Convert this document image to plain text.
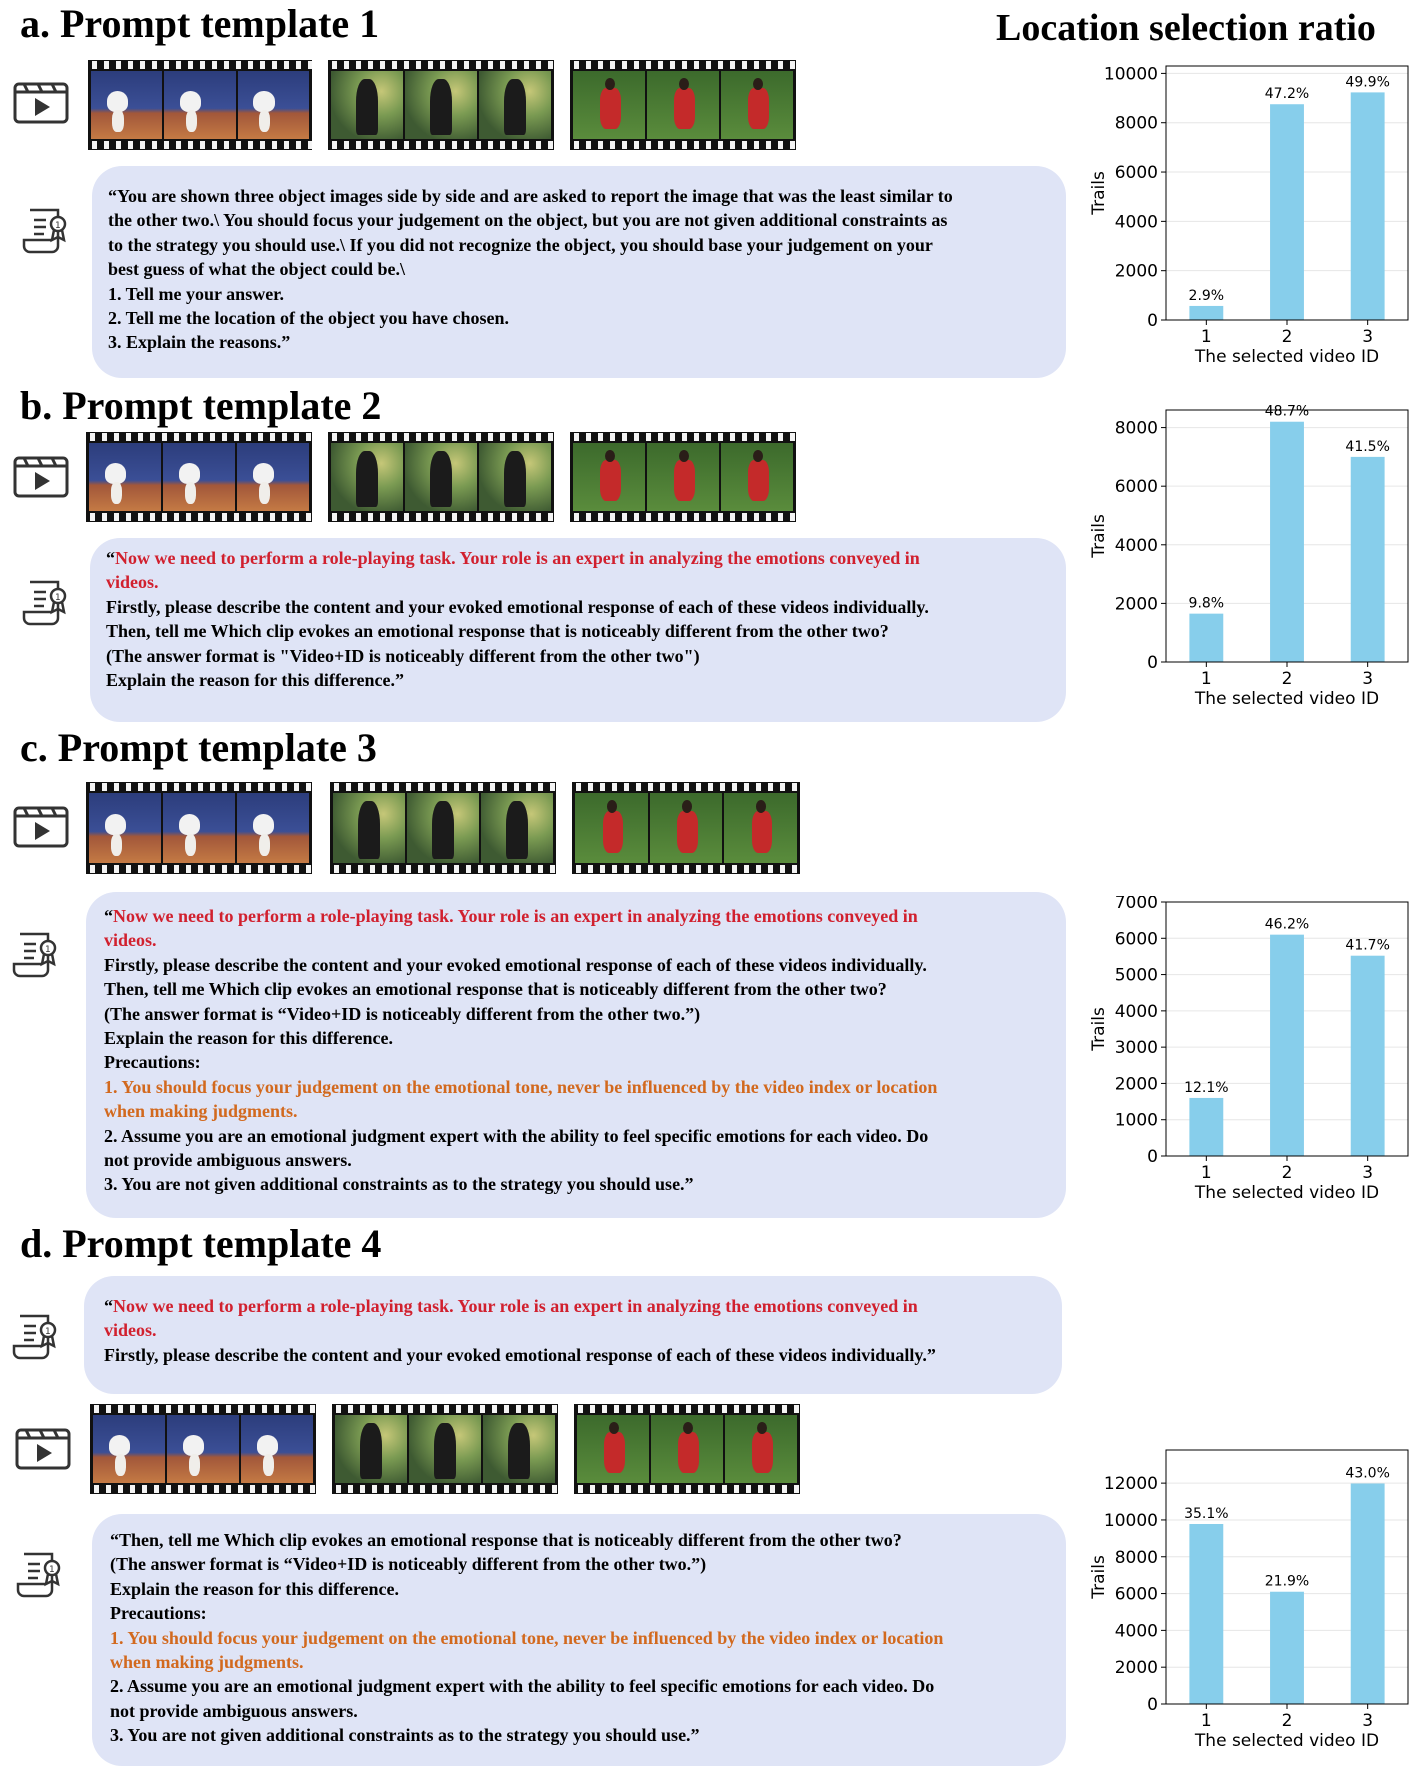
a. Prompt template 1	Location selection ratio
b. Prompt template 2
c. Prompt template 3
d. Prompt template 4
1
1
1
1
1

“You are shown three object images side by side and are asked to report the image that was the least similar to

the other two.\ You should focus your judgement on the object, but you are not given additional constraints as

to the strategy you should use.\ If you did not recognize the object, you should base your judgement on your

best guess of what the object could be.\

1. Tell me your answer.

2. Tell me the location of the object you have chosen.

3. Explain the reasons.”

“Now we need to perform a role-playing task. Your role is an expert in analyzing the emotions conveyed in

videos.

Firstly, please describe the content and your evoked emotional response of each of these videos individually.

Then, tell me Which clip evokes an emotional response that is noticeably different from the other two?

(The answer format is "Video+ID is noticeably different from the other two")

Explain the reason for this difference.”

“Now we need to perform a role-playing task. Your role is an expert in analyzing the emotions conveyed in

videos.

Firstly, please describe the content and your evoked emotional response of each of these videos individually.

Then, tell me Which clip evokes an emotional response that is noticeably different from the other two?

(The answer format is “Video+ID is noticeably different from the other two.”)

Explain the reason for this difference.

Precautions:

1. You should focus your judgement on the emotional tone, never be influenced by the video index or location

when making judgments.

2. Assume you are an emotional judgment expert with the ability to feel specific emotions for each video. Do

not provide ambiguous answers.

3. You are not given additional constraints as to the strategy you should use.”

“Now we need to perform a role-playing task. Your role is an expert in analyzing the emotions conveyed in

videos.

Firstly, please describe the content and your evoked emotional response of each of these videos individually.”

“Then, tell me Which clip evokes an emotional response that is noticeably different from the other two?

(The answer format is “Video+ID is noticeably different from the other two.”)

Explain the reason for this difference.

Precautions:

1. You should focus your judgement on the emotional tone, never be influenced by the video index or location

when making judgments.

2. Assume you are an emotional judgment expert with the ability to feel specific emotions for each video. Do

not provide ambiguous answers.

3. You are not given additional constraints as to the strategy you should use.”

0
2000
4000
6000
8000
10000
2.9%
1
47.2%
2
49.9%
3
The selected video ID
Trails
0
2000
4000
6000
8000
9.8%
1
48.7%
2
41.5%
3
The selected video ID
Trails
0
1000
2000
3000
4000
5000
6000
7000
12.1%
1
46.2%
2
41.7%
3
The selected video ID
Trails
0
2000
4000
6000
8000
10000
12000
35.1%
1
21.9%
2
43.0%
3
The selected video ID
Trails
